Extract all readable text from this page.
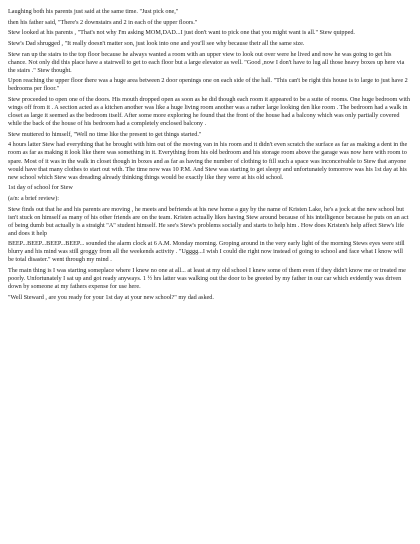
Laughing both his parents just said at the same time. "Just pick one,"

then his father said, "There's 2 downstairs and 2 in each of the upper floors."

Stew looked at his parents , "That's not why I'm asking MOM,DAD...I just don't want to pick one that you might want is all." Stew quipped.

Stew's Dad shrugged , "It really doesn't matter son, just look into one and you'll see why because their all the same size.

Stew ran up the stairs to the top floor because he always wanted a room with an upper view to look out over were he lived and now he was going to get his chance. Not only did this place have a stairwell to get to each floor but a large elevator as well. "Good ,now I don't have to lug all those heavy boxes up here via the stairs ." Stew thought.

Upon reaching the upper floor there was a huge area between 2 door openings one on each side of the hall. "This can't be right this house is to large to just have 2 bedrooms per floor."

Stew proceeded to open one of the doors. His mouth dropped open as soon as he did though each room it appeared to be a suite of rooms. One huge bedroom with wings off from it . A section acted as a kitchen another was like a huge living room another was a rather large looking den like room . The bedroom had a walk in closet as large it seemed as the bedroom itself. After some more exploring he found that the front of the house had a balcony which was only partially covered while the back of the house of his bedroom had a completely enclosed balcony .

Stew muttered to himself, "Well no time like the present to get things started."

4 hours latter Stew had everything that he brought with him out of the moving van in his room and it didn't even scratch the surface as far as making a dent in the room as far as making it look like there was something in it. Everything from his old bedroom and his storage room above the garage was now here with room to spare. Most of it was in the walk in closet though in boxes and as far as having the number of clothing to fill such a space was inconceivable to Stew that anyone would have that many clothes to start out with. The time now was 10 P.M. And Stew was starting to get sleepy and unfortunately tomorrow was his 1st day at his new school which Stew was dreading already thinking things would be exactly like they were at his old school.

1st day of school for Stew

(a/n: a brief review):

Stew finds out that he and his parents are moving , he meets and befriends at his new home a guy by the name of Kristen Lake, he's a jock at the new school but isn't stuck on himself as many of his other friends are on the team. Kristen actually likes having Stew around because of his intelligence because he puts on an act of being dumb but actually is a straight "A" student himself. He see's Stew's problems socially and starts to help him . How does Kristen's help affect Stew's life and does it help

BEEP...BEEP...BEEP...BEEP... sounded the alarm clock at 6 A.M. Monday morning. Groping around in the very early light of the morning Stews eyes were still blurry and his mind was still groggy from all the weekends activity . "Ugggg...I wish I could die right now instead of going to school and face what I know will be total disaster." went through my mind .

The main thing is I was starting someplace where I knew no one at all... at least at my old school I knew some of them even if they didn't know me or treated me poorly. Unfortunately I sat up and got ready anyways. 1 ½ hrs latter was walking out the door to be greeted by my father in our car which evidently was driven down by someone at my fathers expense for use here.

"Well Steward , are you ready for your 1st day at your new school?" my dad asked.
